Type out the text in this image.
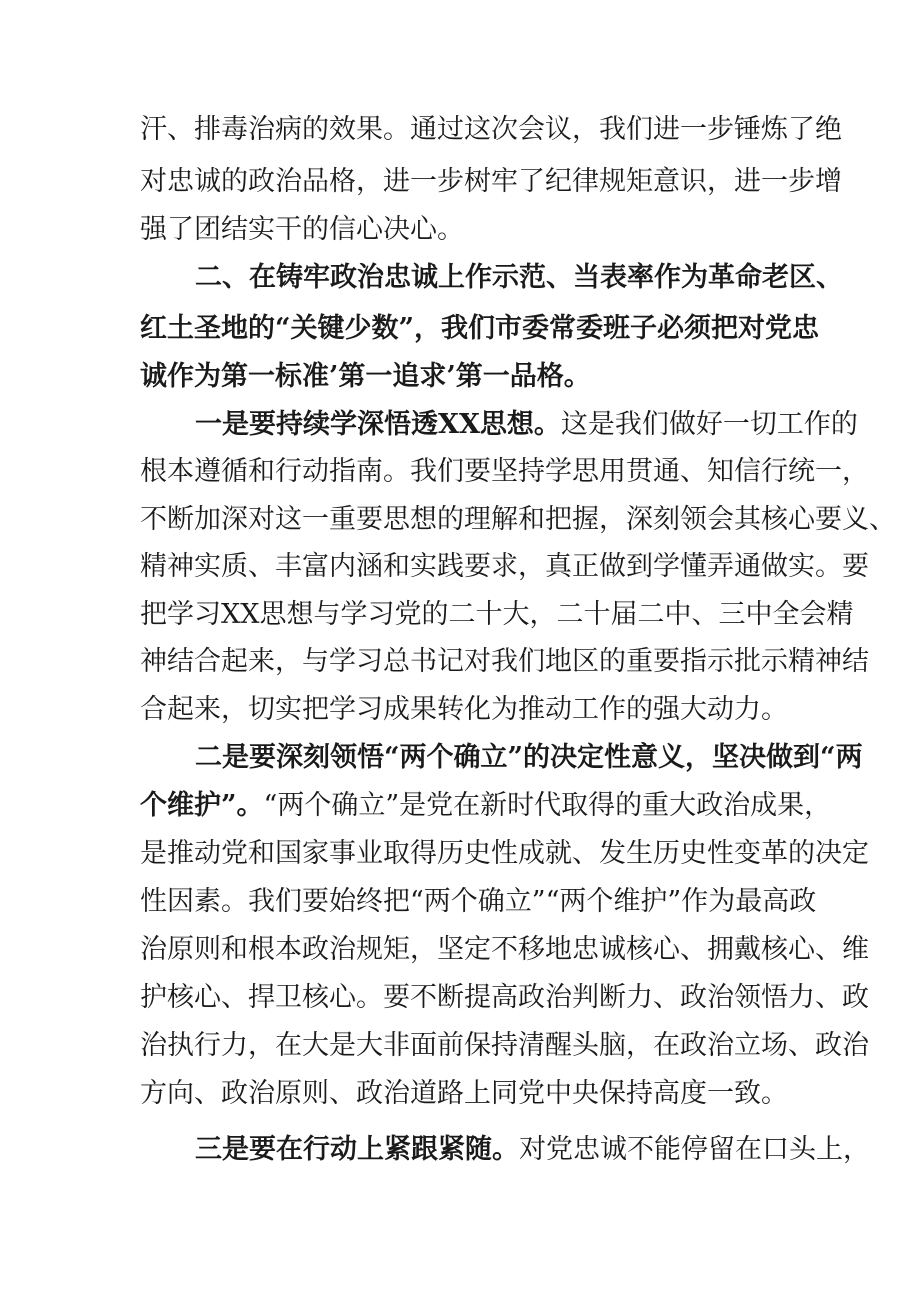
汗、排毒治病的效果。通过这次会议，我们进一步锤炼了绝
对忠诚的政治品格，进一步树牢了纪律规矩意识，进一步增
强了团结实干的信心决心。
二、在铸牢政治忠诚上作示范、当表率作为革命老区、
红土圣地的“关键少数”，我们市委常委班子必须把对党忠
诚作为第一标准’第一追求’第一品格。
一是要持续学深悟透XX思想。这是我们做好一切工作的
根本遵循和行动指南。我们要坚持学思用贯通、知信行统一，
不断加深对这一重要思想的理解和把握，深刻领会其核心要义、
精神实质、丰富内涵和实践要求，真正做到学懂弄通做实。要
把学习XX思想与学习党的二十大，二十届二中、三中全会精
神结合起来，与学习总书记对我们地区的重要指示批示精神结
合起来，切实把学习成果转化为推动工作的强大动力。
二是要深刻领悟“两个确立”的决定性意义，坚决做到“两
个维护”。“两个确立”是党在新时代取得的重大政治成果，
是推动党和国家事业取得历史性成就、发生历史性变革的决定
性因素。我们要始终把“两个确立”“两个维护”作为最高政
治原则和根本政治规矩，坚定不移地忠诚核心、拥戴核心、维
护核心、捍卫核心。要不断提高政治判断力、政治领悟力、政
治执行力，在大是大非面前保持清醒头脑，在政治立场、政治
方向、政治原则、政治道路上同党中央保持高度一致。
三是要在行动上紧跟紧随。对党忠诚不能停留在口头上，
